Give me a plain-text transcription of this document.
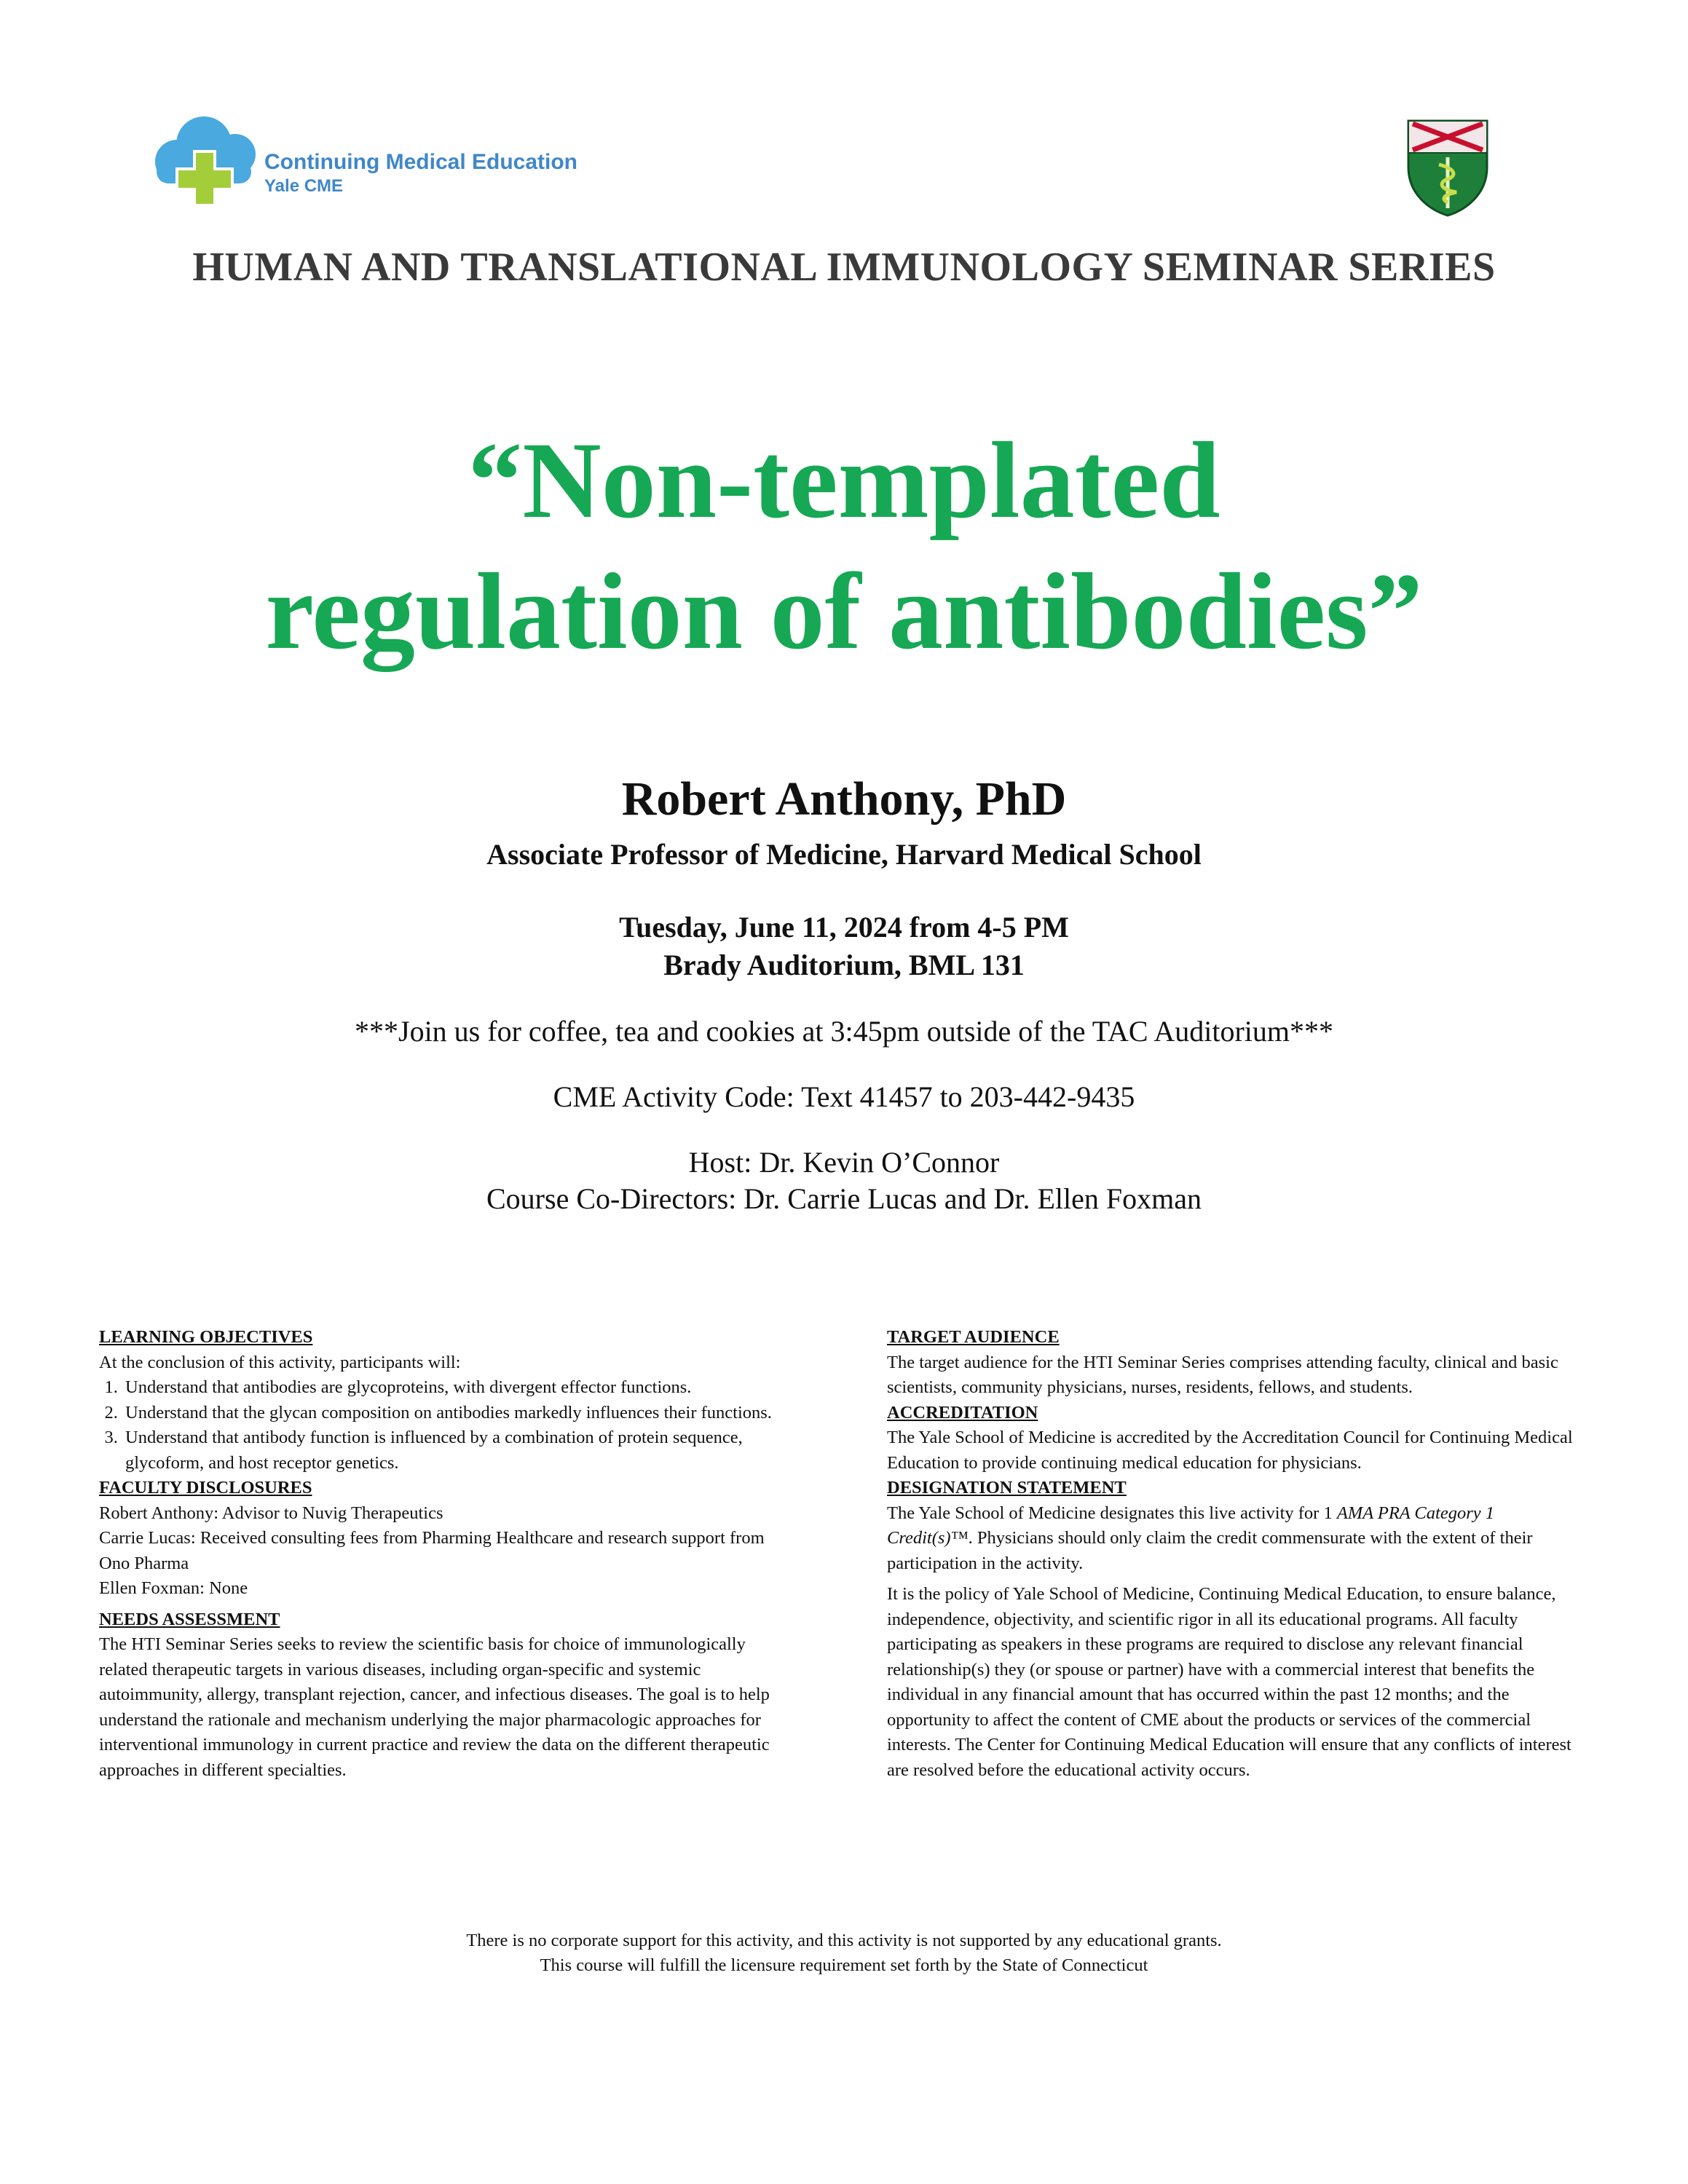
Continuing Medical Education
Yale CME
HUMAN AND TRANSLATIONAL IMMUNOLOGY SEMINAR SERIES
“Non-templated
regulation of antibodies”
Robert Anthony, PhD
Associate Professor of Medicine, Harvard Medical School
Tuesday, June 11, 2024 from 4-5 PM
Brady Auditorium, BML 131
***Join us for coffee, tea and cookies at 3:45pm outside of the TAC Auditorium***
CME Activity Code: Text 41457 to 203-442-9435
Host: Dr. Kevin O’Connor
Course Co-Directors: Dr. Carrie Lucas and Dr. Ellen Foxman
LEARNING OBJECTIVES
At the conclusion of this activity, participants will:
1. Understand that antibodies are glycoproteins, with divergent effector functions.
2. Understand that the glycan composition on antibodies markedly influences their functions.
3. Understand that antibody function is influenced by a combination of protein sequence, glycoform, and host receptor genetics.
FACULTY DISCLOSURES
Robert Anthony: Advisor to Nuvig Therapeutics
Carrie Lucas: Received consulting fees from Pharming Healthcare and research support from Ono Pharma
Ellen Foxman: None
NEEDS ASSESSMENT
The HTI Seminar Series seeks to review the scientific basis for choice of immunologically related therapeutic targets in various diseases, including organ-specific and systemic autoimmunity, allergy, transplant rejection, cancer, and infectious diseases. The goal is to help understand the rationale and mechanism underlying the major pharmacologic approaches for interventional immunology in current practice and review the data on the different therapeutic approaches in different specialties.
TARGET AUDIENCE
The target audience for the HTI Seminar Series comprises attending faculty, clinical and basic scientists, community physicians, nurses, residents, fellows, and students.
ACCREDITATION
The Yale School of Medicine is accredited by the Accreditation Council for Continuing Medical Education to provide continuing medical education for physicians.
DESIGNATION STATEMENT
The Yale School of Medicine designates this live activity for 1 AMA PRA Category 1 Credit(s)™. Physicians should only claim the credit commensurate with the extent of their participation in the activity.
It is the policy of Yale School of Medicine, Continuing Medical Education, to ensure balance, independence, objectivity, and scientific rigor in all its educational programs. All faculty participating as speakers in these programs are required to disclose any relevant financial relationship(s) they (or spouse or partner) have with a commercial interest that benefits the individual in any financial amount that has occurred within the past 12 months; and the opportunity to affect the content of CME about the products or services of the commercial interests. The Center for Continuing Medical Education will ensure that any conflicts of interest are resolved before the educational activity occurs.
There is no corporate support for this activity, and this activity is not supported by any educational grants.
This course will fulfill the licensure requirement set forth by the State of Connecticut
